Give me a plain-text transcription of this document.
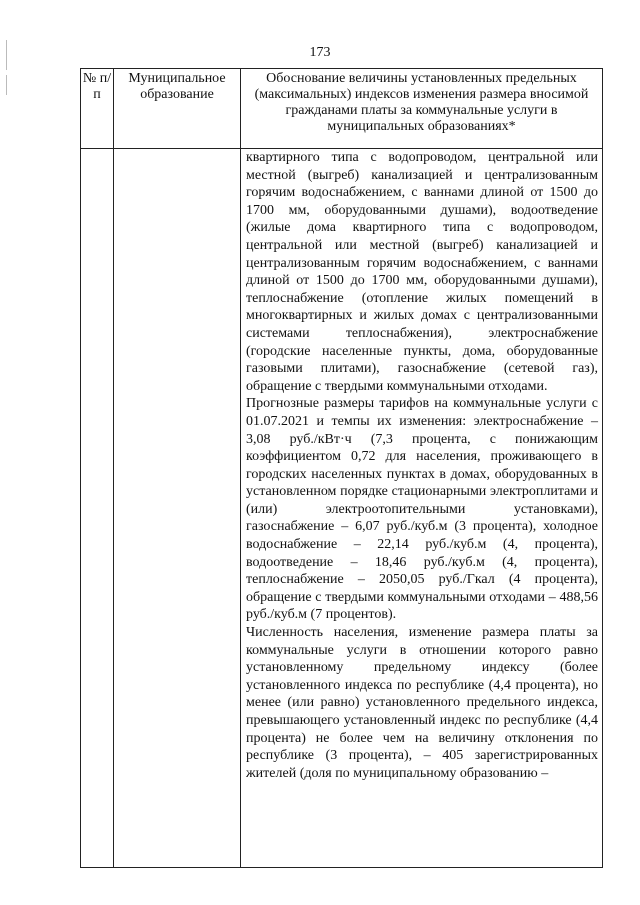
173
№ п/п	Муниципальное образование	Обоснование величины установленных предельных (максимальных) индексов изменения размера вносимой гражданами платы за коммунальные услуги в муниципальных образованиях*

		квартирного типа с водопроводом, центральной или местной (выгреб) канализацией и централизованным горячим водоснабжением, с ваннами длиной от 1500 до 1700 мм, оборудованными душами), водоотведение (жилые дома квартирного типа с водопроводом, центральной или местной (выгреб) канализацией и централизованным горячим водоснабжением, с ваннами длиной от 1500 до 1700 мм, оборудованными душами), теплоснабжение (отопление жилых помещений в многоквартирных и жилых домах с централизованными системами теплоснабжения), электроснабжение (городские населенные пункты, дома, оборудованные газовыми плитами), газоснабжение (сетевой газ), обращение с твердыми коммунальными отходами.

Прогнозные размеры тарифов на коммунальные услуги с 01.07.2021 и темпы их изменения: электроснабжение – 3,08 руб./кВт·ч (7,3 процента, с понижающим коэффициентом 0,72 для населения, проживающего в городских населенных пунктах в домах, оборудованных в установленном порядке стационарными электроплитами и (или) электроотопительными установками), газоснабжение – 6,07 руб./куб.м (3 процента), холодное водоснабжение – 22,14 руб./куб.м (4, процента), водоотведение – 18,46 руб./куб.м (4, процента), теплоснабжение – 2050,05 руб./Гкал (4 процента), обращение с твердыми коммунальными отходами – 488,56 руб./куб.м (7 процентов).

Численность населения, изменение размера платы за коммунальные услуги в отношении которого равно установленному предельному индексу (более установленного индекса по республике (4,4 процента), но менее (или равно) установленного предельного индекса, превышающего установленный индекс по республике (4,4 процента) не более чем на величину отклонения по республике (3 процента), – 405 зарегистрированных жителей (доля по муниципальному образованию –
